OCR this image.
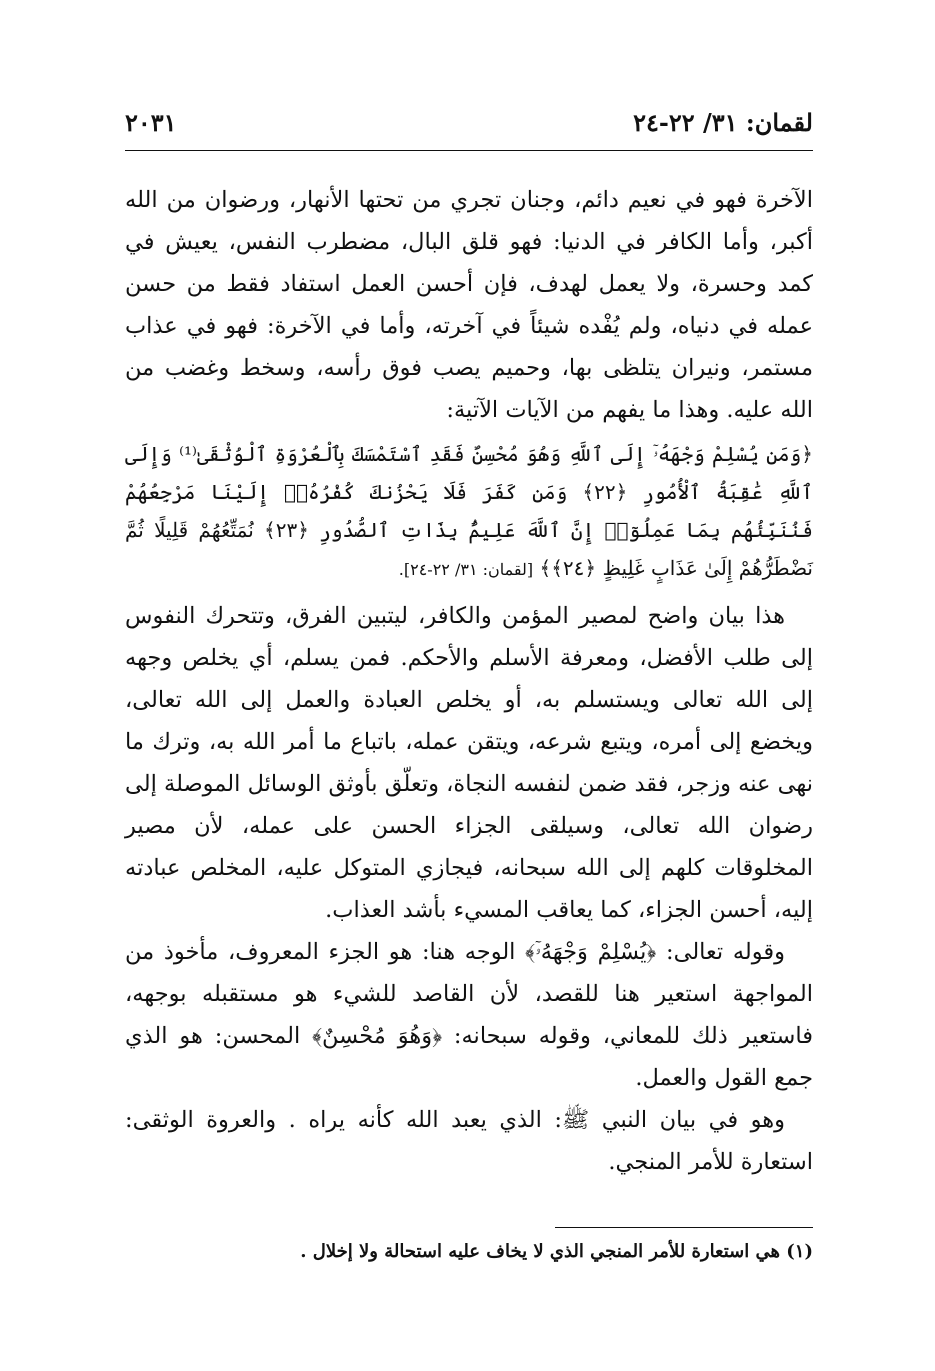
لقمان: ٣١/ ٢٢-٢٤
٢٠٣١

الآخرة فهو في نعيم دائم، وجنان تجري من تحتها الأنهار، ورضوان من الله أكبر، وأما الكافر في الدنيا: فهو قلق البال، مضطرب النفس، يعيش في كمد وحسرة، ولا يعمل لهدف، فإن أحسن العمل استفاد فقط من حسن عمله في دنياه، ولم يُفْده شيئاً في آخرته، وأما في الآخرة: فهو في عذاب مستمر، ونيران يتلظى بها، وحميم يصب فوق رأسه، وسخط وغضب من الله عليه. وهذا ما يفهم من الآيات الآتية:

﴿وَمَن يُسْلِمْ وَجْهَهُۥٓ إِلَى ٱللَّهِ وَهُوَ مُحْسِنٌ فَقَدِ ٱسْتَمْسَكَ بِٱلْعُرْوَةِ ٱلْوُثْقَىٰ⁽¹⁾ وَإِلَى ٱللَّهِ عَٰقِبَةُ ٱلْأُمُورِ ﴿٢٢﴾ وَمَن كَفَرَ فَلَا يَحْزُنكَ كُفْرُهُۥٓ إِلَيْنَا مَرْجِعُهُمْ فَنُنَبِّئُهُم بِمَا عَمِلُوٓا۟ إِنَّ ٱللَّهَ عَلِيمٌۢ بِذَاتِ ٱلصُّدُورِ ﴿٢٣﴾ نُمَتِّعُهُمْ قَلِيلًا ثُمَّ نَضْطَرُّهُمْ إِلَىٰ عَذَابٍ غَلِيظٍ ﴿٢٤﴾﴾ [لقمان: ٣١/ ٢٢-٢٤].

هذا بيان واضح لمصير المؤمن والكافر، ليتبين الفرق، وتتحرك النفوس إلى طلب الأفضل، ومعرفة الأسلم والأحكم. فمن يسلم، أي يخلص وجهه إلى الله تعالى ويستسلم به، أو يخلص العبادة والعمل إلى الله تعالى، ويخضع إلى أمره، ويتبع شرعه، ويتقن عمله، باتباع ما أمر الله به، وترك ما نهى عنه وزجر، فقد ضمن لنفسه النجاة، وتعلّق بأوثق الوسائل الموصلة إلى رضوان الله تعالى، وسيلقى الجزاء الحسن على عمله، لأن مصير المخلوقات كلهم إلى الله سبحانه، فيجازي المتوكل عليه، المخلص عبادته إليه، أحسن الجزاء، كما يعاقب المسيء بأشد العذاب.

وقوله تعالى: ﴿يُسْلِمْ وَجْهَهُۥٓ﴾ الوجه هنا: هو الجزء المعروف، مأخوذ من المواجهة استعير هنا للقصد، لأن القاصد للشيء هو مستقبله بوجهه، فاستعير ذلك للمعاني، وقوله سبحانه: ﴿وَهُوَ مُحْسِنٌ﴾ المحسن: هو الذي جمع القول والعمل.

وهو في بيان النبي ﷺ: الذي يعبد الله كأنه يراه . والعروة الوثقى: استعارة للأمر المنجي.

(١) هي استعارة للأمر المنجي الذي لا يخاف عليه استحالة ولا إخلال .
